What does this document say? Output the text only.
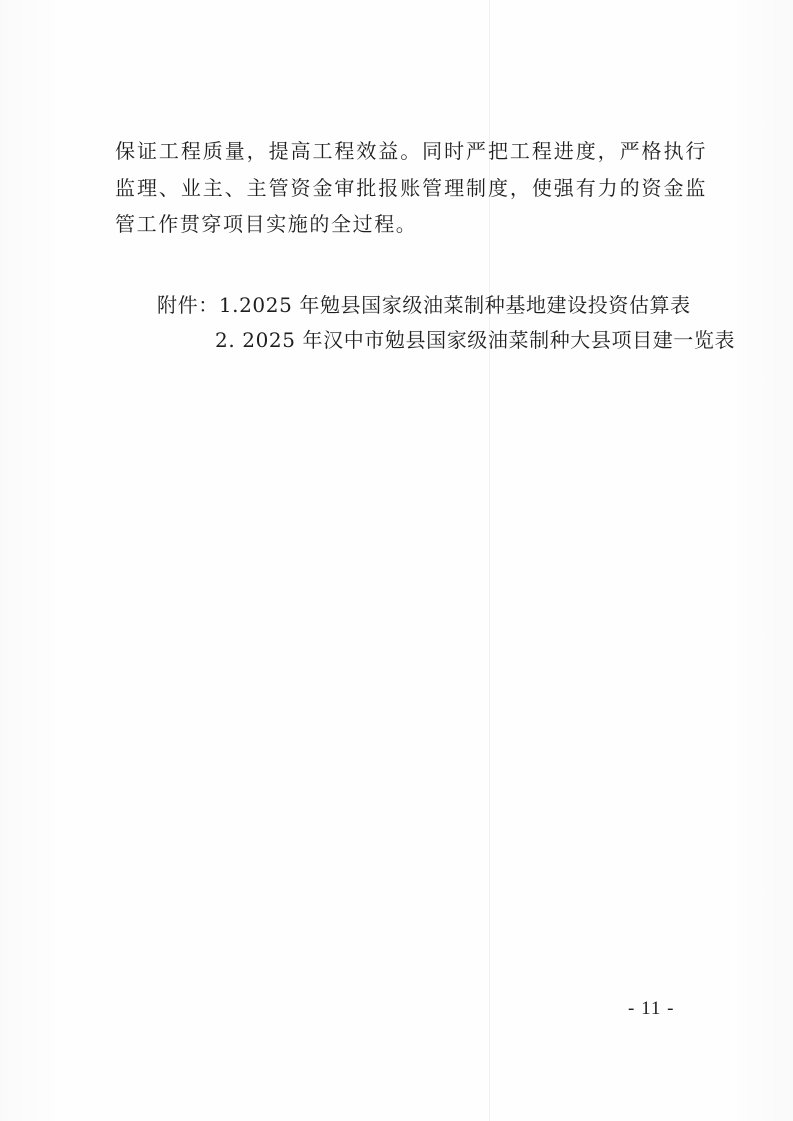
保证工程质量，提高工程效益。同时严把工程进度，严格执行监理、业主、主管资金审批报账管理制度，使强有力的资金监管工作贯穿项目实施的全过程。

附件：1.2025 年勉县国家级油菜制种基地建设投资估算表
2. 2025 年汉中市勉县国家级油菜制种大县项目建一览表
- 11 -
